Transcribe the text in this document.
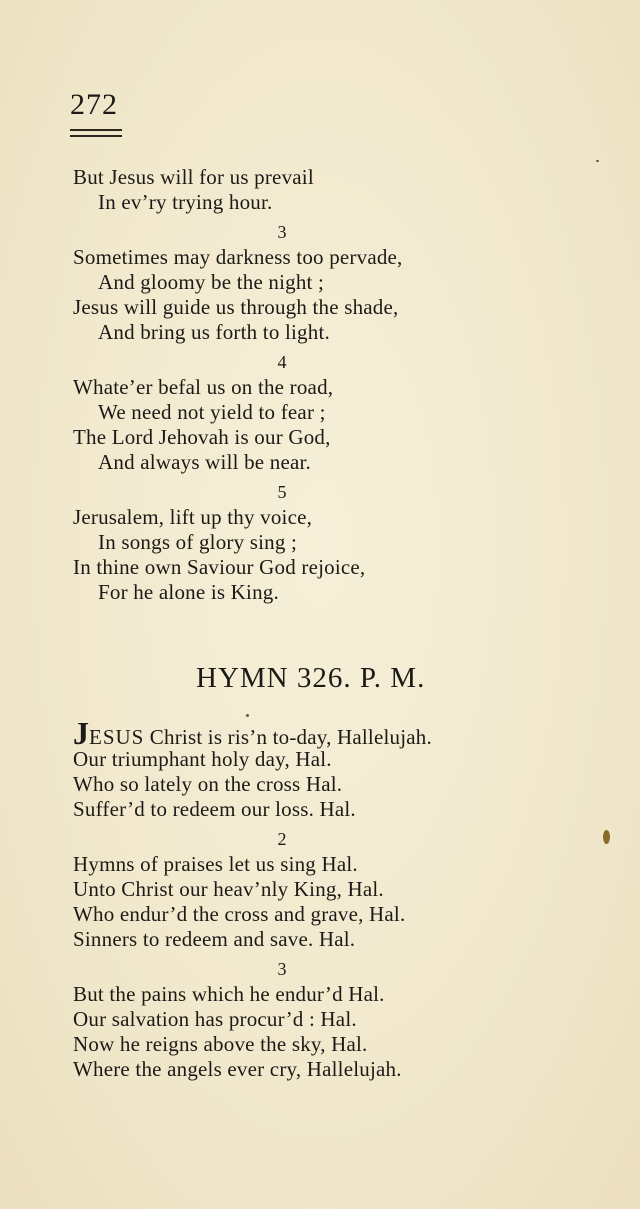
272
But Jesus will for us prevail
In ev’ry trying hour.
3
Sometimes may darkness too pervade,
And gloomy be the night ;
Jesus will guide us through the shade,
And bring us forth to light.
4
Whate’er befal us on the road,
We need not yield to fear ;
The Lord Jehovah is our God,
And always will be near.
5
Jerusalem, lift up thy voice,
In songs of glory sing ;
In thine own Saviour God rejoice,
For he alone is King.
HYMN 326. P. M.
JESUS Christ is ris’n to-day, Hallelujah.
Our triumphant holy day, Hal.
Who so lately on the cross Hal.
Suffer’d to redeem our loss. Hal.
2
Hymns of praises let us sing Hal.
Unto Christ our heav’nly King, Hal.
Who endur’d the cross and grave, Hal.
Sinners to redeem and save. Hal.
3
But the pains which he endur’d Hal.
Our salvation has procur’d : Hal.
Now he reigns above the sky, Hal.
Where the angels ever cry, Hallelujah.
